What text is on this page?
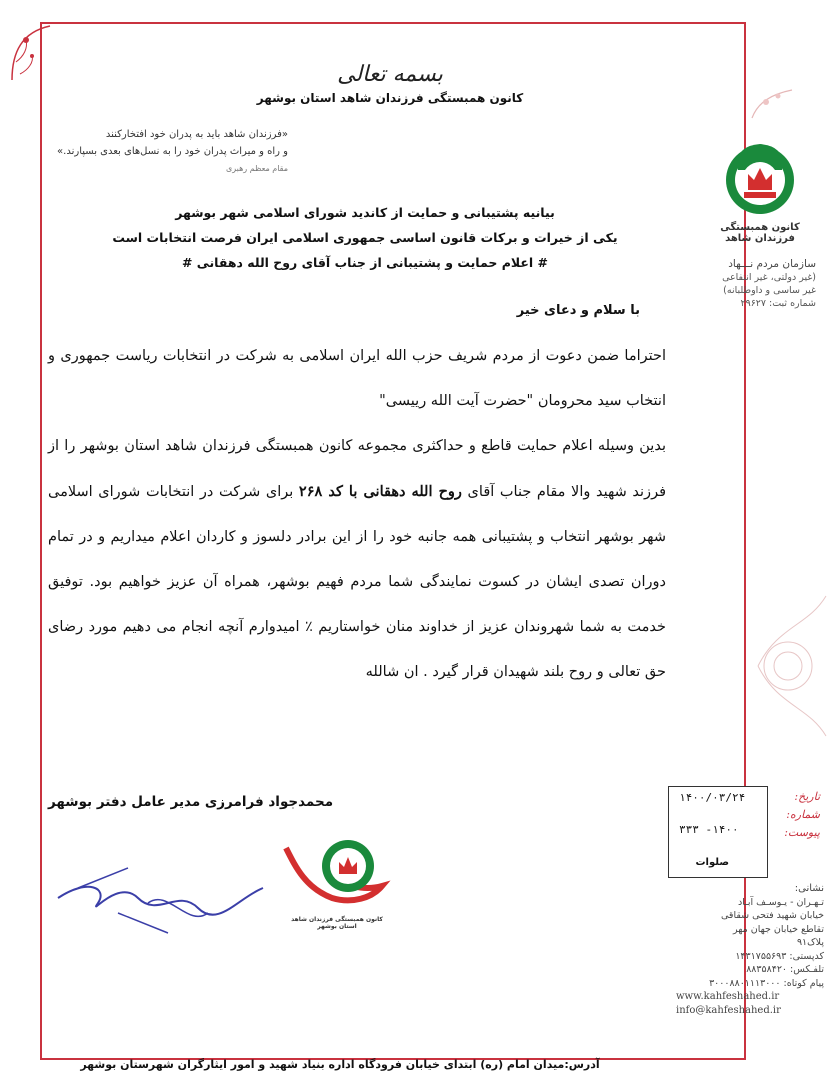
بسمه تعالی
کانون همبستگی فرزندان شاهد استان بوشهر
«فرزندان شاهد باید به پدران خود افتخارکنند
و راه و میراث پدران خود را به نسل‌های بعدی بسپارند.»
مقام معظم رهبری
کانون همبستگی فرزندان شاهد
سازمان مردم نـــهاد
(غیر دولتی، غیر انتفاعی
غیر ساسی و داوطلبانه)
شماره ثبت: ۲۹۶۲۷
بیانیه پشتیبانی و حمایت از کاندید شورای اسلامی شهر بوشهر
یکی از خیرات و برکات قانون اساسی جمهوری اسلامی ایران فرصت انتخابات است
# اعلام حمایت و پشتیبانی از جناب آقای روح الله دهقانی #
با سلام و دعای خیر

احتراما ضمن دعوت از مردم شریف حزب الله ایران اسلامی به شرکت در انتخابات ریاست جمهوری و انتخاب سید محرومان "حضرت آیت الله رییسی"

بدین وسیله اعلام حمایت قاطع و حداکثری مجموعه کانون همبستگی فرزندان شاهد استان بوشهر را از فرزند شهید والا مقام جناب آقای روح الله دهقانی با کد ۲۶۸ برای شرکت در انتخابات شورای اسلامی شهر بوشهر انتخاب و پشتیبانی همه جانبه خود را از این برادر دلسوز و کاردان اعلام میداریم و در تمام دوران تصدی ایشان در کسوت نمایندگی شما مردم فهیم بوشهر، همراه آن عزیز خواهیم بود. توفیق خدمت به شما شهروندان عزیز از خداوند منان خواستاریم ٪ امیدوارم آنچه انجام می دهیم مورد رضای حق تعالی و روح بلند شهیدان قرار گیرد . ان شالله

محمدجواد فرامرزی مدیر عامل دفتر بوشهر
کانون همبستگی فرزندان شاهد استان بوشهر
تاریخ:
شماره:
پیوست:
۱۴۰۰/۰۳/۲۴
۳۳۳ -۱۴۰۰
صلوات
نشانی:
تـهـران - یـوسـف آبـاد
خیابان شهید فتحی شقاقی
تقاطع خیابان جهان مهر
پلاک۹۱
کدپستی: ۱۴۳۱۷۵۵۶۹۳
تلفـکس: ۸۸۳۵۸۴۲۰
پیام کوتاه: ۳۰۰۰۸۸۰۱۱۱۳۰۰۰
www.kahfeshahed.ir
info@kahfeshahed.ir
آدرس:میدان امام (ره) ابتدای خیابان فرودگاه اداره بنیاد شهید و امور ایثارگران شهرستان بوشهر
